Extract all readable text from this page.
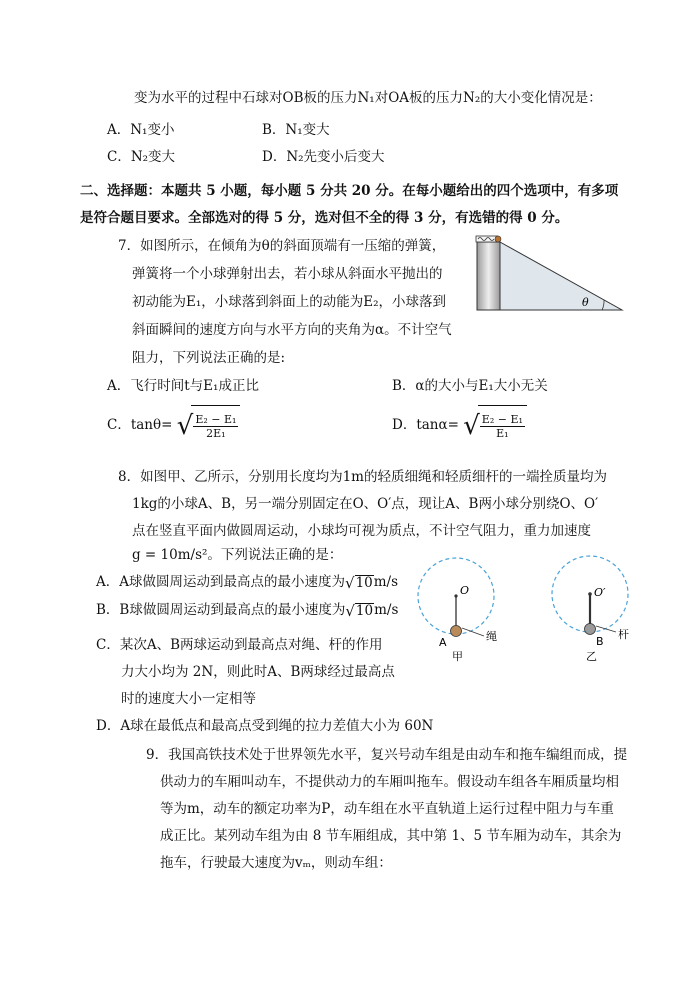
变为水平的过程中石球对OB板的压力N₁对OA板的压力N₂的大小变化情况是：
A．N₁变小	B．N₁变大
C．N₂变大	D．N₂先变小后变大
二、选择题：本题共 5 小题，每小题 5 分共 20 分。在每小题给出的四个选项中，有多项
是符合题目要求。全部选对的得 5 分，选对但不全的得 3 分，有选错的得 0 分。
7．如图所示，在倾角为θ的斜面顶端有一压缩的弹簧，
弹簧将一个小球弹射出去，若小球从斜面水平抛出的
初动能为E₁，小球落到斜面上的动能为E₂，小球落到
斜面瞬间的速度方向与水平方向的夹角为α。不计空气
阻力，下列说法正确的是:
θ
A．飞行时间t与E₁成正比	B．α的大小与E₁大小无关
C．tanθ= √ $\frac{\text{E₂ − E₁}}{\text{2E₁}}$	D．tanα= √ $\frac{\text{E₂ − E₁}}{\text{E₁}}$
8．如图甲、乙所示，分别用长度均为1m的轻质细绳和轻质细杆的一端拴质量均为
1kg的小球A、B，另一端分别固定在O、O′点，现让A、B两小球分别绕O、O′
点在竖直平面内做圆周运动，小球均可视为质点，不计空气阻力，重力加速度
g = 10m/s²。下列说法正确的是：
A．A球做圆周运动到最高点的最小速度为 √ 10 m/s
B．B球做圆周运动到最高点的最小速度为 √ 10 m/s
C．某次A、B两球运动到最高点对绳、杆的作用
力大小均为 2N，则此时A、B两球经过最高点
时的速度大小一定相等
D．A球在最低点和最高点受到绳的拉力差值大小为 60N
O
A	绳
甲
O′
B
杆
乙
9．我国高铁技术处于世界领先水平，复兴号动车组是由动车和拖车编组而成，提
供动力的车厢叫动车，不提供动力的车厢叫拖车。假设动车组各车厢质量均相
等为m，动车的额定功率为P，动车组在水平直轨道上运行过程中阻力与车重
成正比。某列动车组为由 8 节车厢组成，其中第 1、5 节车厢为动车，其余为
拖车，行驶最大速度为vₘ，则动车组：
